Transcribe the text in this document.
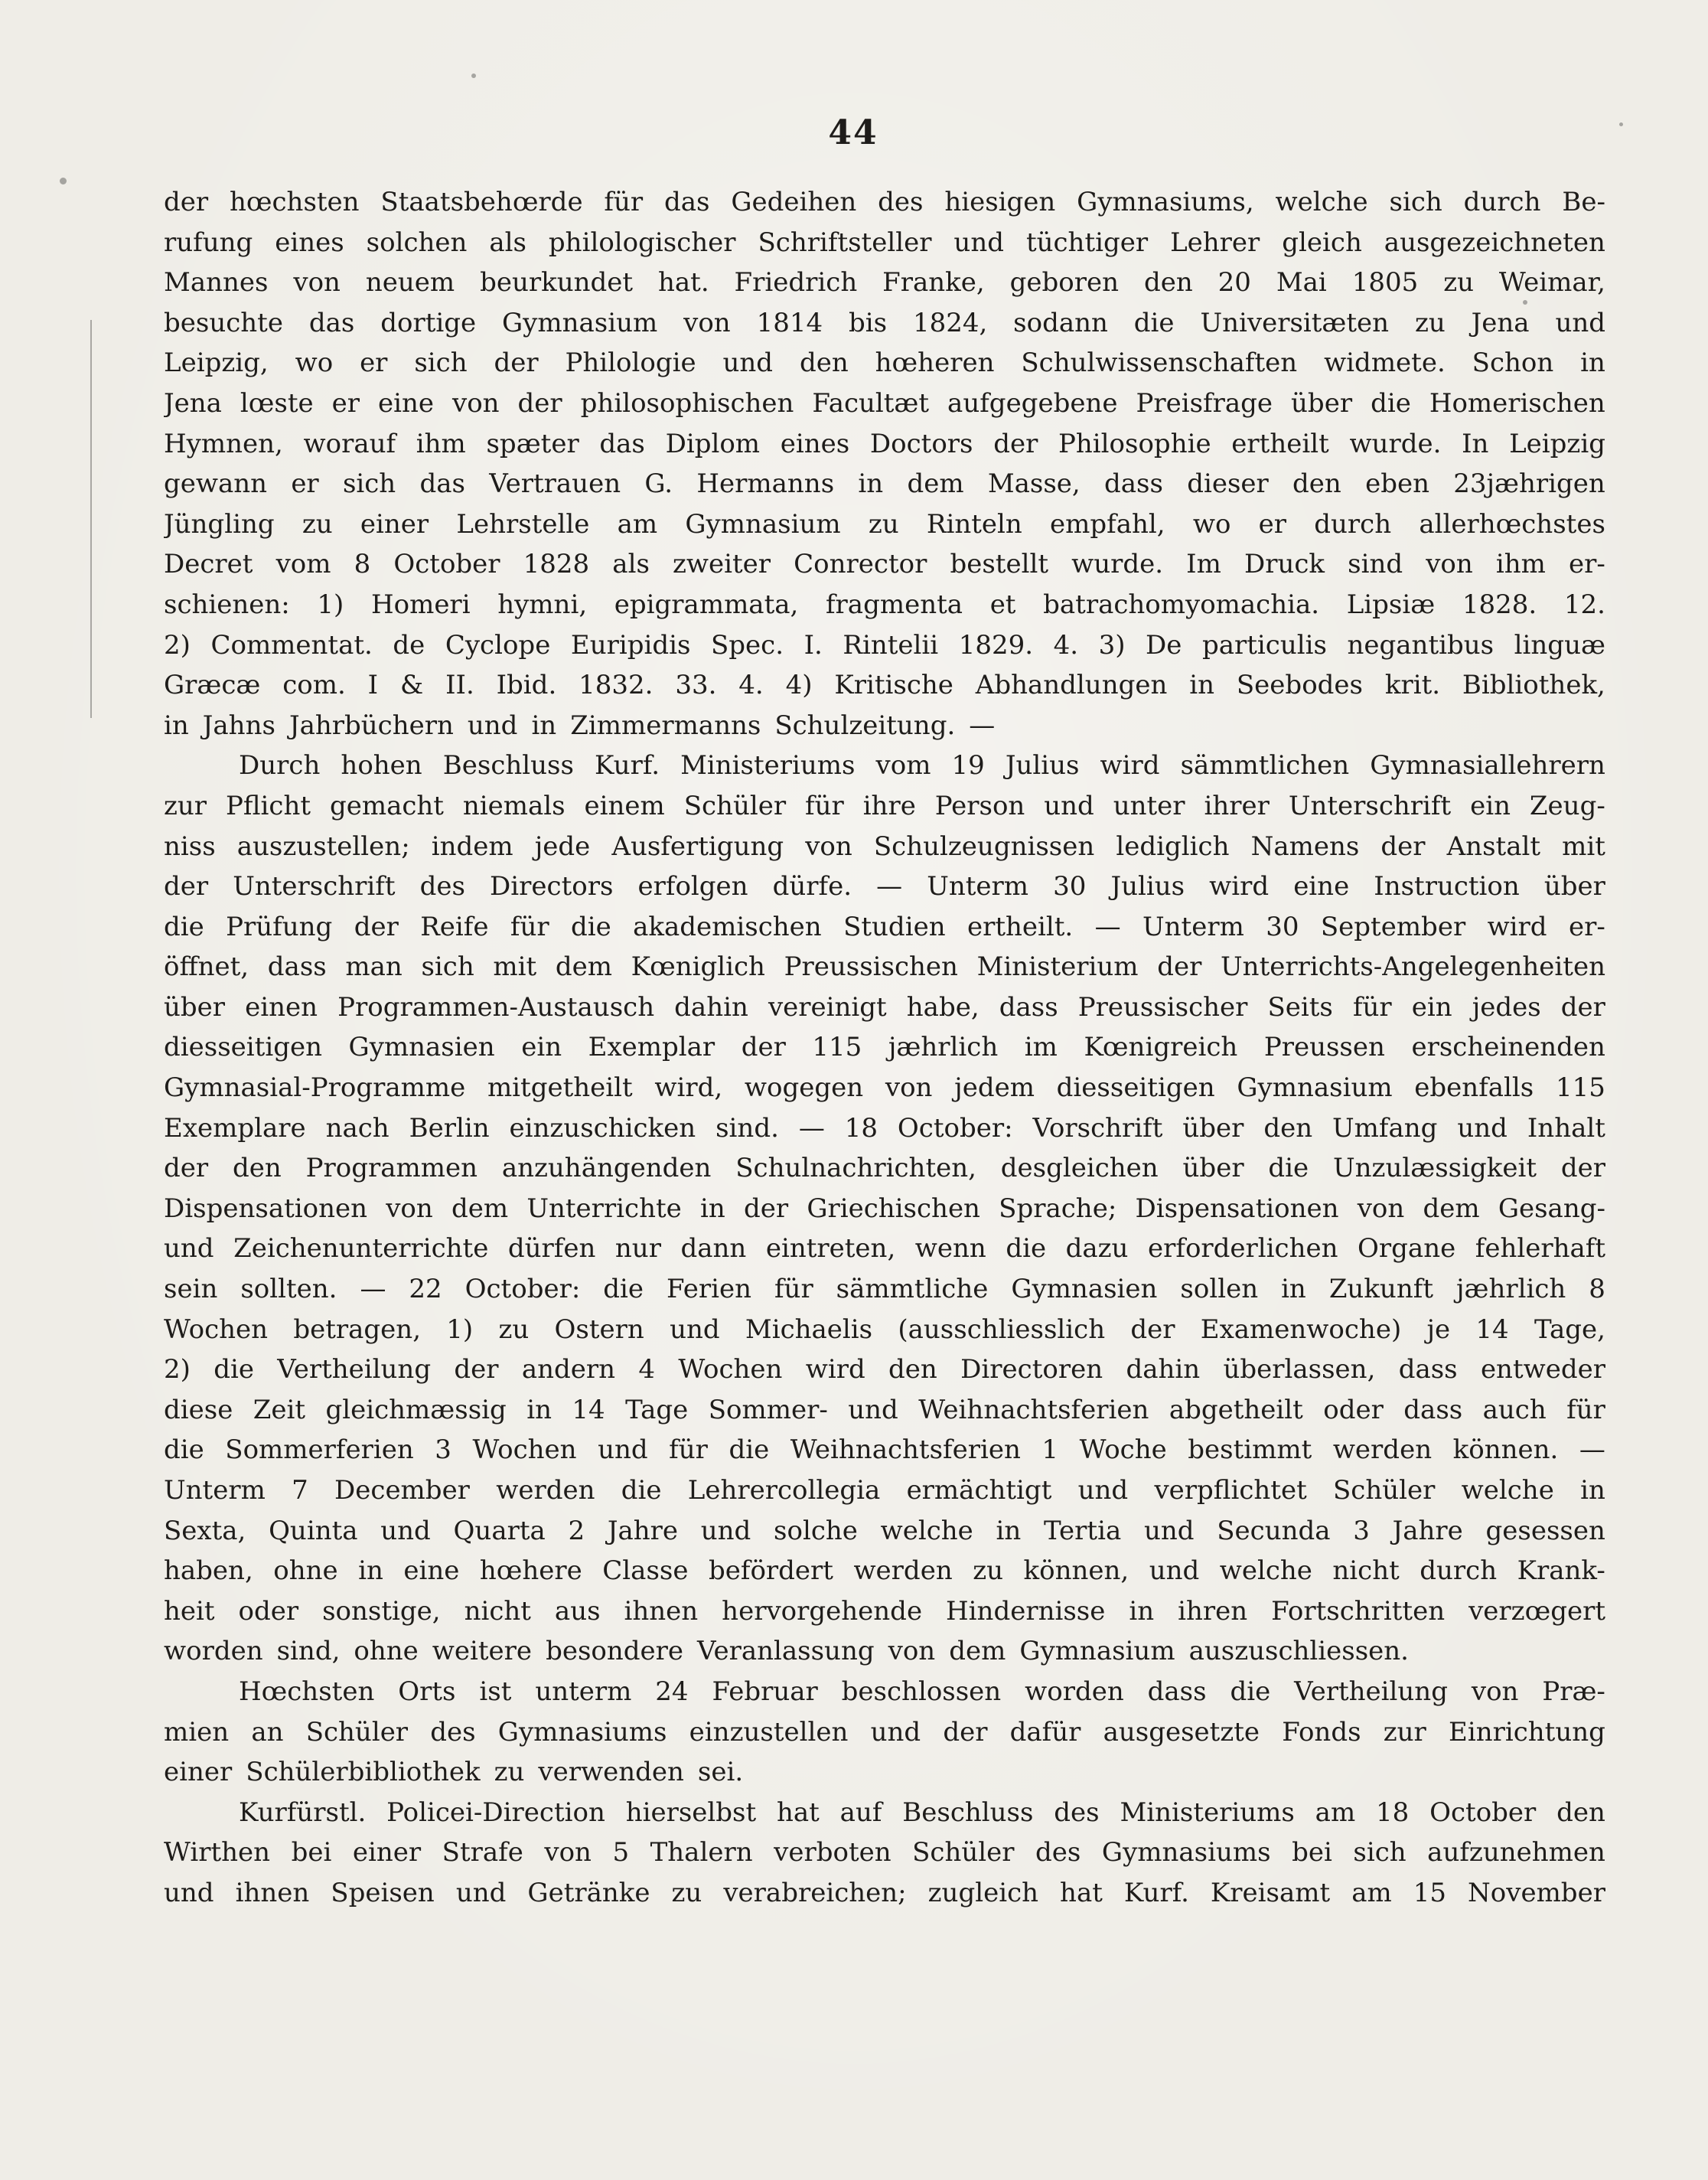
44
der hœchsten Staatsbehœrde für das Gedeihen des hiesigen Gymnasiums, welche sich durch Be-
rufung eines solchen als philologischer Schriftsteller und tüchtiger Lehrer gleich ausgezeichneten
Mannes von neuem beurkundet hat. Friedrich Franke, geboren den 20 Mai 1805 zu Weimar,
besuchte das dortige Gymnasium von 1814 bis 1824, sodann die Universitæten zu Jena und
Leipzig, wo er sich der Philologie und den hœheren Schulwissenschaften widmete. Schon in
Jena lœste er eine von der philosophischen Facultæt aufgegebene Preisfrage über die Homerischen
Hymnen, worauf ihm spæter das Diplom eines Doctors der Philosophie ertheilt wurde. In Leipzig
gewann er sich das Vertrauen G. Hermanns in dem Masse, dass dieser den eben 23jæhrigen
Jüngling zu einer Lehrstelle am Gymnasium zu Rinteln empfahl, wo er durch allerhœchstes
Decret vom 8 October 1828 als zweiter Conrector bestellt wurde. Im Druck sind von ihm er-
schienen: 1) Homeri hymni, epigrammata, fragmenta et batrachomyomachia. Lipsiæ 1828. 12.
2) Commentat. de Cyclope Euripidis Spec. I. Rintelii 1829. 4. 3) De particulis negantibus linguæ
Græcæ com. I & II. Ibid. 1832. 33. 4. 4) Kritische Abhandlungen in Seebodes krit. Bibliothek,
in Jahns Jahrbüchern und in Zimmermanns Schulzeitung. —
Durch hohen Beschluss Kurf. Ministeriums vom 19 Julius wird sämmtlichen Gymnasiallehrern
zur Pflicht gemacht niemals einem Schüler für ihre Person und unter ihrer Unterschrift ein Zeug-
niss auszustellen; indem jede Ausfertigung von Schulzeugnissen lediglich Namens der Anstalt mit
der Unterschrift des Directors erfolgen dürfe. — Unterm 30 Julius wird eine Instruction über
die Prüfung der Reife für die akademischen Studien ertheilt. — Unterm 30 September wird er-
öffnet, dass man sich mit dem Kœniglich Preussischen Ministerium der Unterrichts-Angelegenheiten
über einen Programmen-Austausch dahin vereinigt habe, dass Preussischer Seits für ein jedes der
diesseitigen Gymnasien ein Exemplar der 115 jæhrlich im Kœnigreich Preussen erscheinenden
Gymnasial-Programme mitgetheilt wird, wogegen von jedem diesseitigen Gymnasium ebenfalls 115
Exemplare nach Berlin einzuschicken sind. — 18 October: Vorschrift über den Umfang und Inhalt
der den Programmen anzuhängenden Schulnachrichten, desgleichen über die Unzulæssigkeit der
Dispensationen von dem Unterrichte in der Griechischen Sprache; Dispensationen von dem Gesang-
und Zeichenunterrichte dürfen nur dann eintreten, wenn die dazu erforderlichen Organe fehlerhaft
sein sollten. — 22 October: die Ferien für sämmtliche Gymnasien sollen in Zukunft jæhrlich 8
Wochen betragen, 1) zu Ostern und Michaelis (ausschliesslich der Examenwoche) je 14 Tage,
2) die Vertheilung der andern 4 Wochen wird den Directoren dahin überlassen, dass entweder
diese Zeit gleichmæssig in 14 Tage Sommer- und Weihnachtsferien abgetheilt oder dass auch für
die Sommerferien 3 Wochen und für die Weihnachtsferien 1 Woche bestimmt werden können. —
Unterm 7 December werden die Lehrercollegia ermächtigt und verpflichtet Schüler welche in
Sexta, Quinta und Quarta 2 Jahre und solche welche in Tertia und Secunda 3 Jahre gesessen
haben, ohne in eine hœhere Classe befördert werden zu können, und welche nicht durch Krank-
heit oder sonstige, nicht aus ihnen hervorgehende Hindernisse in ihren Fortschritten verzœgert
worden sind, ohne weitere besondere Veranlassung von dem Gymnasium auszuschliessen.
Hœchsten Orts ist unterm 24 Februar beschlossen worden dass die Vertheilung von Præ-
mien an Schüler des Gymnasiums einzustellen und der dafür ausgesetzte Fonds zur Einrichtung
einer Schülerbibliothek zu verwenden sei.
Kurfürstl. Policei-Direction hierselbst hat auf Beschluss des Ministeriums am 18 October den
Wirthen bei einer Strafe von 5 Thalern verboten Schüler des Gymnasiums bei sich aufzunehmen
und ihnen Speisen und Getränke zu verabreichen; zugleich hat Kurf. Kreisamt am 15 November
